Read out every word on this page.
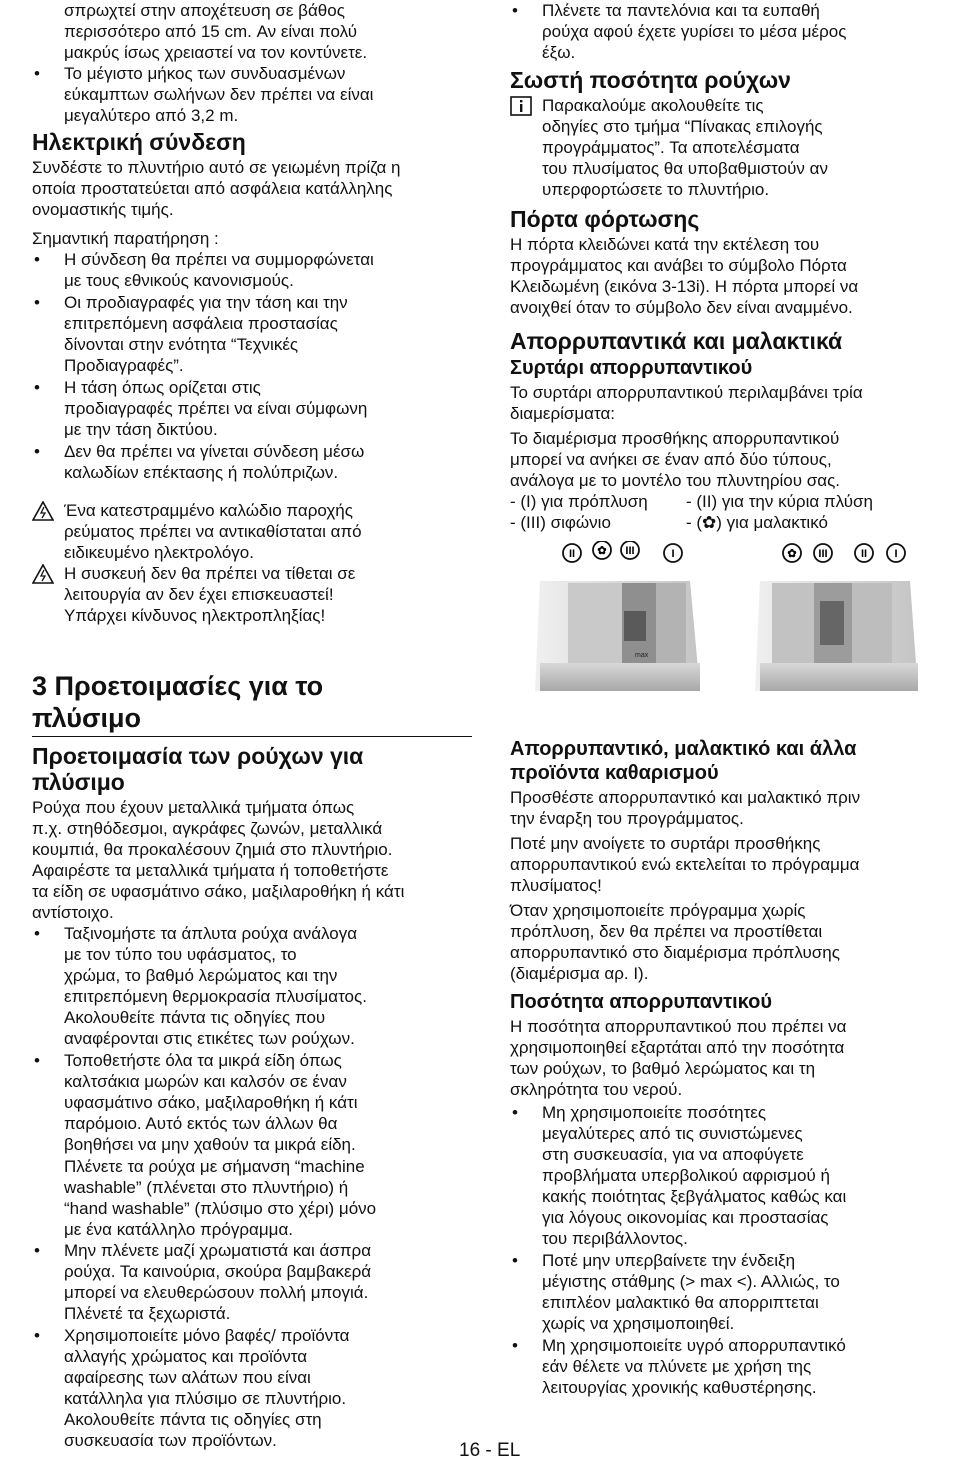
σπρωχτεί στην αποχέτευση σε βάθος

περισσότερο από 15 cm. Αν είναι πολύ

μακρύς ίσως χρειαστεί να τον κοντύνετε.

• Το μέγιστο μήκος των συνδυασμένων
εύκαμπτων σωλήνων δεν πρέπει να είναι
μεγαλύτερο από 3,2 m.
Ηλεκτρική σύνδεση

Συνδέστε το πλυντήριο αυτό σε γειωμένη πρίζα η

οποία προστατεύεται από ασφάλεια κατάλληλης

ονομαστικής τιμής.

Σημαντική παρατήρηση :

• Η σύνδεση θα πρέπει να συμμορφώνεται
με τους εθνικούς κανονισμούς.
• Οι προδιαγραφές για την τάση και την
επιτρεπόμενη ασφάλεια προστασίας
δίνονται στην ενότητα “Τεχνικές
Προδιαγραφές”.
• Η τάση όπως ορίζεται στις
προδιαγραφές πρέπει να είναι σύμφωνη
με την τάση δικτύου.
• Δεν θα πρέπει να γίνεται σύνδεση μέσω
καλωδίων επέκτασης ή πολύπριζων.
Ένα κατεστραμμένο καλώδιο παροχής
ρεύματος πρέπει να αντικαθίσταται από
ειδικευμένο ηλεκτρολόγο.
Η συσκευή δεν θα πρέπει να τίθεται σε
λειτουργία αν δεν έχει επισκευαστεί!
Υπάρχει κίνδυνος ηλεκτροπληξίας!
3 Προετοιμασίες για το
πλύσιμο
Προετοιμασία των ρούχων για
πλύσιμο

Ρούχα που έχουν μεταλλικά τμήματα όπως

π.χ. στηθόδεσμοι, αγκράφες ζωνών, μεταλλικά

κουμπιά, θα προκαλέσουν ζημιά στο πλυντήριο.

Αφαιρέστε τα μεταλλικά τμήματα ή τοποθετήστε

τα είδη σε υφασμάτινο σάκο, μαξιλαροθήκη ή κάτι

αντίστοιχο.

• Ταξινομήστε τα άπλυτα ρούχα ανάλογα
με τον τύπο του υφάσματος, το
χρώμα, το βαθμό λερώματος και την
επιτρεπόμενη θερμοκρασία πλυσίματος.
Ακολουθείτε πάντα τις οδηγίες που
αναφέρονται στις ετικέτες των ρούχων.
• Τοποθετήστε όλα τα μικρά είδη όπως
καλτσάκια μωρών και καλσόν σε έναν
υφασμάτινο σάκο, μαξιλαροθήκη ή κάτι
παρόμοιο. Αυτό εκτός των άλλων θα
βοηθήσει να μην χαθούν τα μικρά είδη.

Πλένετε τα ρούχα με σήμανση “machine

washable” (πλένεται στο πλυντήριο) ή

“hand washable” (πλύσιμο στο χέρι) μόνο

με ένα κατάλληλο πρόγραμμα.

• Μην πλένετε μαζί χρωματιστά και άσπρα
ρούχα. Τα καινούρια, σκούρα βαμβακερά
μπορεί να ελευθερώσουν πολλή μπογιά.
Πλένετέ τα ξεχωριστά.
• Χρησιμοποιείτε μόνο βαφές/ προϊόντα
αλλαγής χρώματος και προϊόντα
αφαίρεσης των αλάτων που είναι
κατάλληλα για πλύσιμο σε πλυντήριο.
Ακολουθείτε πάντα τις οδηγίες στη
συσκευασία των προϊόντων.
• Πλένετε τα παντελόνια και τα ευπαθή
ρούχα αφού έχετε γυρίσει το μέσα μέρος
έξω.
Σωστή ποσότητα ρούχων
Παρακαλούμε ακολουθείτε τις
οδηγίες στο τμήμα “Πίνακας επιλογής
προγράμματος”. Τα αποτελέσματα
του πλυσίματος θα υποβαθμιστούν αν
υπερφορτώσετε το πλυντήριο.
Πόρτα φόρτωσης

Η πόρτα κλειδώνει κατά την εκτέλεση του

προγράμματος και ανάβει το σύμβολο Πόρτα

Κλειδωμένη (εικόνα 3-13i). Η πόρτα μπορεί να

ανοιχθεί όταν το σύμβολο δεν είναι αναμμένο.

Απορρυπαντικά και μαλακτικά
Συρτάρι απορρυπαντικού

Το συρτάρι απορρυπαντικού περιλαμβάνει τρία

διαμερίσματα:

Το διαμέρισμα προσθήκης απορρυπαντικού

μπορεί να ανήκει σε έναν από δύο τύπους,

ανάλογα με το μοντέλο του πλυντηρίου σας.

- (I) για πρόπλυση	- (II) για την κύρια πλύση
- (III) σιφώνιο	- (✿) για μαλακτικό
II ✿ III	I	✿ III	II I
max
Απορρυπαντικό, μαλακτικό και άλλα
προϊόντα καθαρισμού

Προσθέστε απορρυπαντικό και μαλακτικό πριν

την έναρξη του προγράμματος.

Ποτέ μην ανοίγετε το συρτάρι προσθήκης

απορρυπαντικού ενώ εκτελείται το πρόγραμμα

πλυσίματος!

Όταν χρησιμοποιείτε πρόγραμμα χωρίς

πρόπλυση, δεν θα πρέπει να προστίθεται

απορρυπαντικό στο διαμέρισμα πρόπλυσης

(διαμέρισμα αρ. I).

Ποσότητα απορρυπαντικού

Η ποσότητα απορρυπαντικού που πρέπει να

χρησιμοποιηθεί εξαρτάται από την ποσότητα

των ρούχων, το βαθμό λερώματος και τη

σκληρότητα του νερού.

• Μη χρησιμοποιείτε ποσότητες
μεγαλύτερες από τις συνιστώμενες
στη συσκευασία, για να αποφύγετε
προβλήματα υπερβολικού αφρισμού ή
κακής ποιότητας ξεβγάλματος καθώς και
για λόγους οικονομίας και προστασίας
του περιβάλλοντος.
• Ποτέ μην υπερβαίνετε την ένδειξη
μέγιστης στάθμης (> max <). Αλλιώς, το
επιπλέον μαλακτικό θα απορριπτεται
χωρίς να χρησιμοποιηθεί.
• Μη χρησιμοποιείτε υγρό απορρυπαντικό
εάν θέλετε να πλύνετε με χρήση της
λειτουργίας χρονικής καθυστέρησης.
16 - EL
